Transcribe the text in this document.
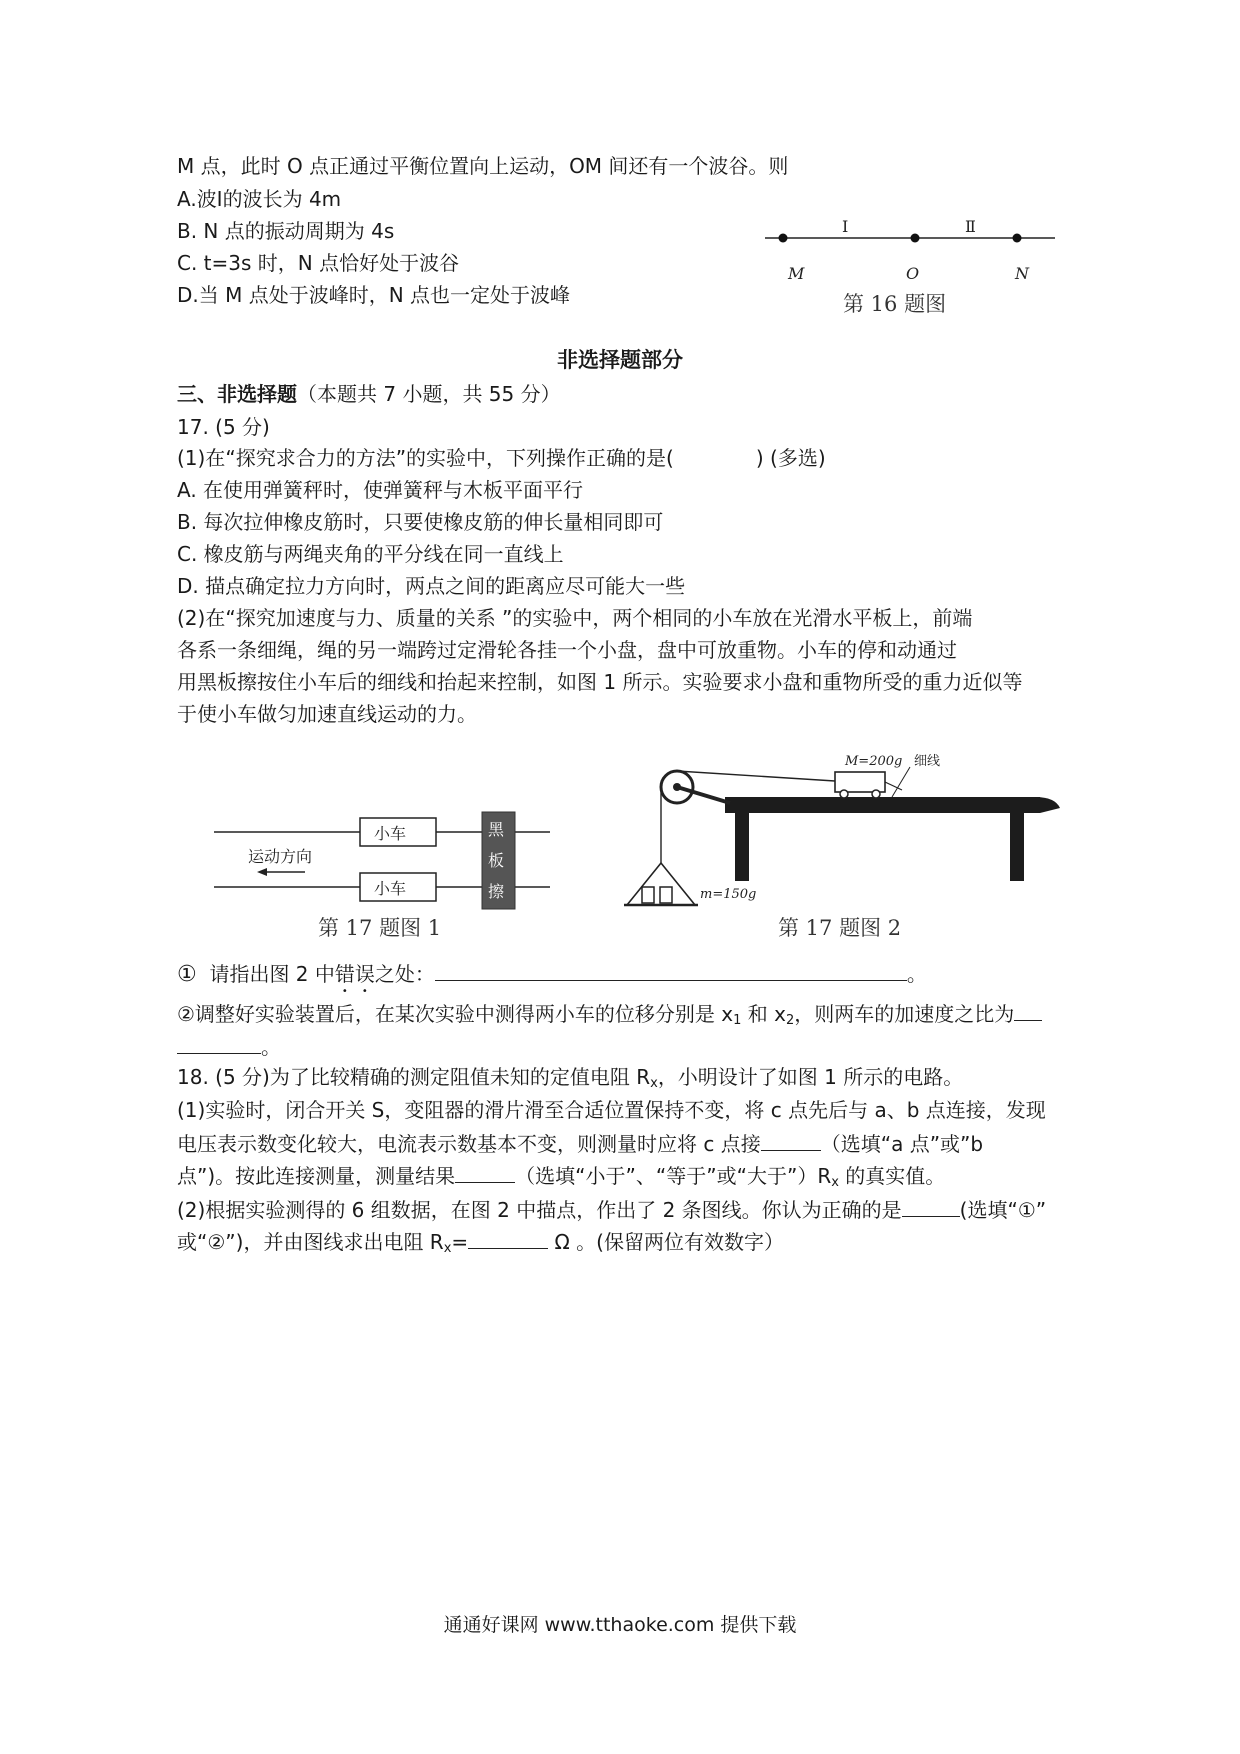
M 点，此时 O 点正通过平衡位置向上运动，OM 间还有一个波谷。则
A.波Ⅰ的波长为 4m
B. N 点的振动周期为 4s
C. t=3s 时，N 点恰好处于波谷
D.当 M 点处于波峰时，N 点也一定处于波峰
Ⅰ	Ⅱ
M	O	N
第 16 题图
非选择题部分
三、非选择题（本题共 7 小题，共 55 分）
17. (5 分)
(1)在“探究求合力的方法”的实验中，下列操作正确的是(	) (多选)
A. 在使用弹簧秤时，使弹簧秤与木板平面平行
B. 每次拉伸橡皮筋时，只要使橡皮筋的伸长量相同即可
C. 橡皮筋与两绳夹角的平分线在同一直线上
D. 描点确定拉力方向时，两点之间的距离应尽可能大一些
(2)在“探究加速度与力、质量的关系 ”的实验中，两个相同的小车放在光滑水平板上，前端
各系一条细绳，绳的另一端跨过定滑轮各挂一个小盘，盘中可放重物。小车的停和动通过
用黑板擦按住小车后的细线和抬起来控制，如图 1 所示。实验要求小盘和重物所受的重力近似等
于使小车做匀加速直线运动的力。
小车
小车
运动方向
黑
板
擦
第 17 题图 1
M=200g 细线
m=150g
第 17 题图 2
① 请指出图 2 中错误之处：	。
②调整好实验装置后，在某次实验中测得两小车的位移分别是 $x_1$ 和 $x_2$，则两车的加速度之比为
。
18. (5 分)为了比较精确的测定阻值未知的定值电阻 $R_x$，小明设计了如图 1 所示的电路。
(1)实验时，闭合开关 S，变阻器的滑片滑至合适位置保持不变，将 c 点先后与 a、b 点连接，发现
电压表示数变化较大，电流表示数基本不变，则测量时应将 c 点接	（选填“a 点”或”b
点”)。按此连接测量，测量结果	（选填“小于”、“等于”或“大于$”)R_x$ 的真实值。
(2)根据实验测得的 6 组数据，在图 2 中描点，作出了 2 条图线。你认为正确的是	(选填“①”
或“②”)，并由图线求出电阻 $R_x=$	Ω 。(保留两位有效数字）
通通好课网 www.tthaoke.com 提供下载
